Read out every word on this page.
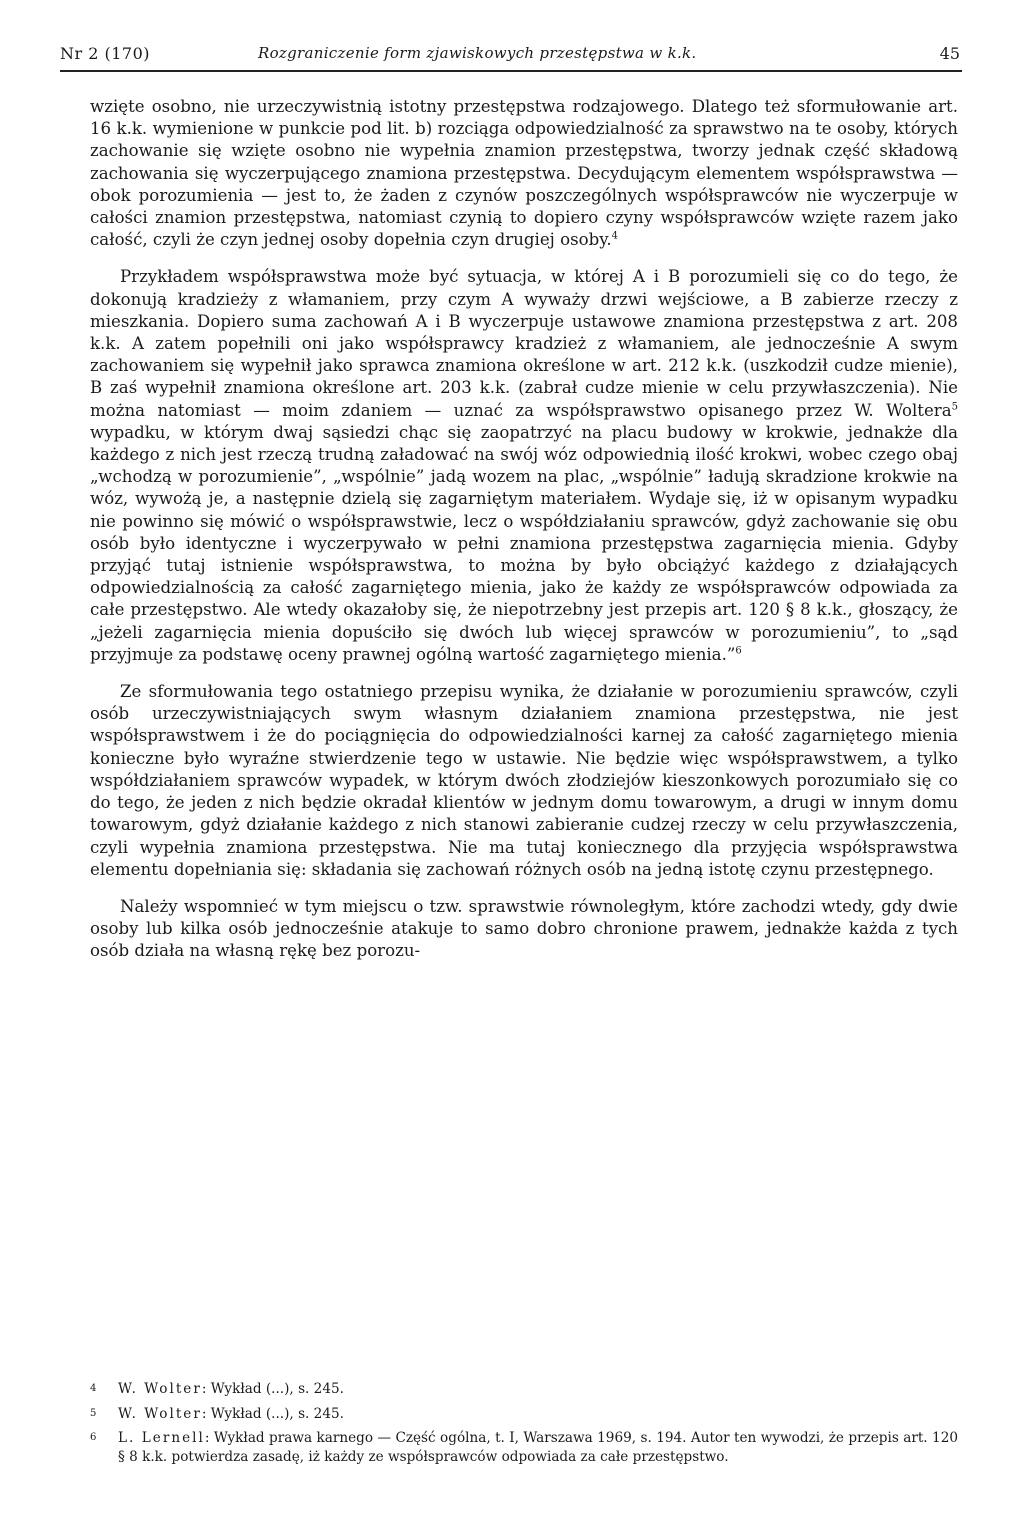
Nr 2 (170)	Rozgraniczenie form zjawiskowych przestępstwa w k.k.	45

wzięte osobno, nie urzeczywistnią istotny przestępstwa rodzajowego. Dlatego też sformułowanie art. 16 k.k. wymienione w punkcie pod lit. b) rozciąga odpowiedzialność za sprawstwo na te osoby, których zachowanie się wzięte osobno nie wypełnia znamion przestępstwa, tworzy jednak część składową zachowania się wyczerpującego znamiona przestępstwa. Decydującym elementem współsprawstwa — obok porozumienia — jest to, że żaden z czynów poszczególnych współsprawców nie wyczerpuje w całości znamion przestępstwa, natomiast czynią to dopiero czyny współsprawców wzięte razem jako całość, czyli że czyn jednej osoby dopełnia czyn drugiej osoby.$^4$

Przykładem współsprawstwa może być sytuacja, w której A i B porozumieli się co do tego, że dokonują kradzieży z włamaniem, przy czym A wyważy drzwi wejściowe, a B zabierze rzeczy z mieszkania. Dopiero suma zachowań A i B wyczerpuje ustawowe znamiona przestępstwa z art. 208 k.k. A zatem popełnili oni jako współsprawcy kradzież z włamaniem, ale jednocześnie A swym zachowaniem się wypełnił jako sprawca znamiona określone w art. 212 k.k. (uszkodził cudze mienie), B zaś wypełnił znamiona określone art. 203 k.k. (zabrał cudze mienie w celu przywłaszczenia). Nie można natomiast — moim zdaniem — uznać za współsprawstwo opisanego przez W. Woltera$^5$ wypadku, w którym dwaj sąsiedzi chąc się zaopatrzyć na placu budowy w krokwie, jednakże dla każdego z nich jest rzeczą trudną załadować na swój wóz odpowiednią ilość krokwi, wobec czego obaj „wchodzą w porozumienie”, „wspólnie” jadą wozem na plac, „wspólnie” ładują skradzione krokwie na wóz, wywożą je, a następnie dzielą się zagarniętym materiałem. Wydaje się, iż w opisanym wypadku nie powinno się mówić o współsprawstwie, lecz o współdziałaniu sprawców, gdyż zachowanie się obu osób było identyczne i wyczerpywało w pełni znamiona przestępstwa zagarnięcia mienia. Gdyby przyjąć tutaj istnienie współsprawstwa, to można by było obciążyć każdego z działających odpowiedzialnością za całość zagarniętego mienia, jako że każdy ze współsprawców odpowiada za całe przestępstwo. Ale wtedy okazałoby się, że niepotrzebny jest przepis art. 120 § 8 k.k., głoszący, że „jeżeli zagarnięcia mienia dopuściło się dwóch lub więcej sprawców w porozumieniu”, to „sąd przyjmuje za podstawę oceny prawnej ogólną wartość zagarniętego mienia.”$^6$

Ze sformułowania tego ostatniego przepisu wynika, że działanie w porozumieniu sprawców, czyli osób urzeczywistniających swym własnym działaniem znamiona przestępstwa, nie jest współsprawstwem i że do pociągnięcia do odpowiedzialności karnej za całość zagarniętego mienia konieczne było wyraźne stwierdzenie tego w ustawie. Nie będzie więc współsprawstwem, a tylko współdziałaniem sprawców wypadek, w którym dwóch złodziejów kieszonkowych porozumiało się co do tego, że jeden z nich będzie okradał klientów w jednym domu towarowym, a drugi w innym domu towarowym, gdyż działanie każdego z nich stanowi zabieranie cudzej rzeczy w celu przywłaszczenia, czyli wypełnia znamiona przestępstwa. Nie ma tutaj koniecznego dla przyjęcia współsprawstwa elementu dopełniania się: składania się zachowań różnych osób na jedną istotę czynu przestępnego.

Należy wspomnieć w tym miejscu o tzw. sprawstwie równoległym, które zachodzi wtedy, gdy dwie osoby lub kilka osób jednocześnie atakuje to samo dobro chronione prawem, jednakże każda z tych osób działa na własną rękę bez porozu-

4 W. Wolter: Wykład (...), s. 245.
5 W. Wolter: Wykład (...), s. 245.
6 L. Lernell: Wykład prawa karnego — Część ogólna, t. I, Warszawa 1969, s. 194. Autor ten wywodzi, że przepis art. 120 § 8 k.k. potwierdza zasadę, iż każdy ze współsprawców odpowiada za całe przestępstwo.
